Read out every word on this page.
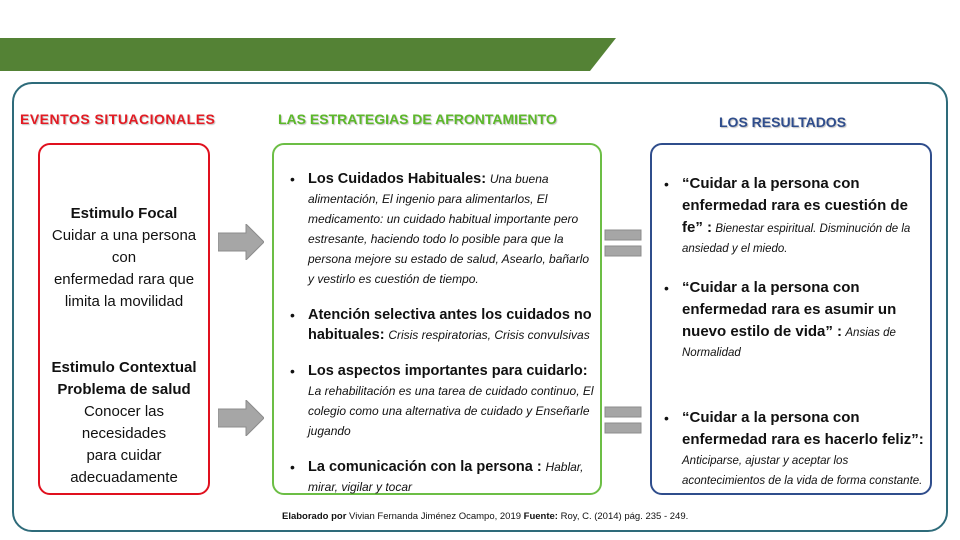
EVENTOS SITUACIONALES	LAS ESTRATEGIAS DE AFRONTAMIENTO	LOS RESULTADOS
Estimulo Focal
Cuidar a una persona con
enfermedad rara que
limita la movilidad
Estimulo Contextual
Problema de salud
Conocer las necesidades
para cuidar
adecuadamente
• Los Cuidados Habituales: Una buena alimentación, El ingenio para alimentarlos, El medicamento: un cuidado habitual importante pero estresante, haciendo todo lo posible para que la persona mejore su estado de salud, Asearlo, bañarlo y vestirlo es cuestión de tiempo.
• Atención selectiva antes los cuidados no habituales: Crisis respiratorias, Crisis convulsivas
• Los aspectos importantes para cuidarlo: La rehabilitación es una tarea de cuidado continuo, El colegio como una alternativa de cuidado y Enseñarle jugando
• La comunicación con la persona : Hablar, mirar, vigilar y tocar
• “Cuidar a la persona con enfermedad rara es cuestión de fe” : Bienestar espiritual. Disminución de la ansiedad y el miedo.
• “Cuidar a la persona con enfermedad rara es asumir un nuevo estilo de vida” : Ansias de Normalidad
• “Cuidar a la persona con enfermedad rara es hacerlo feliz”: Anticiparse, ajustar y aceptar los acontecimientos de la vida de forma constante.
Elaborado por Vivian Fernanda Jiménez Ocampo, 2019 Fuente: Roy, C. (2014) pág. 235 - 249.
